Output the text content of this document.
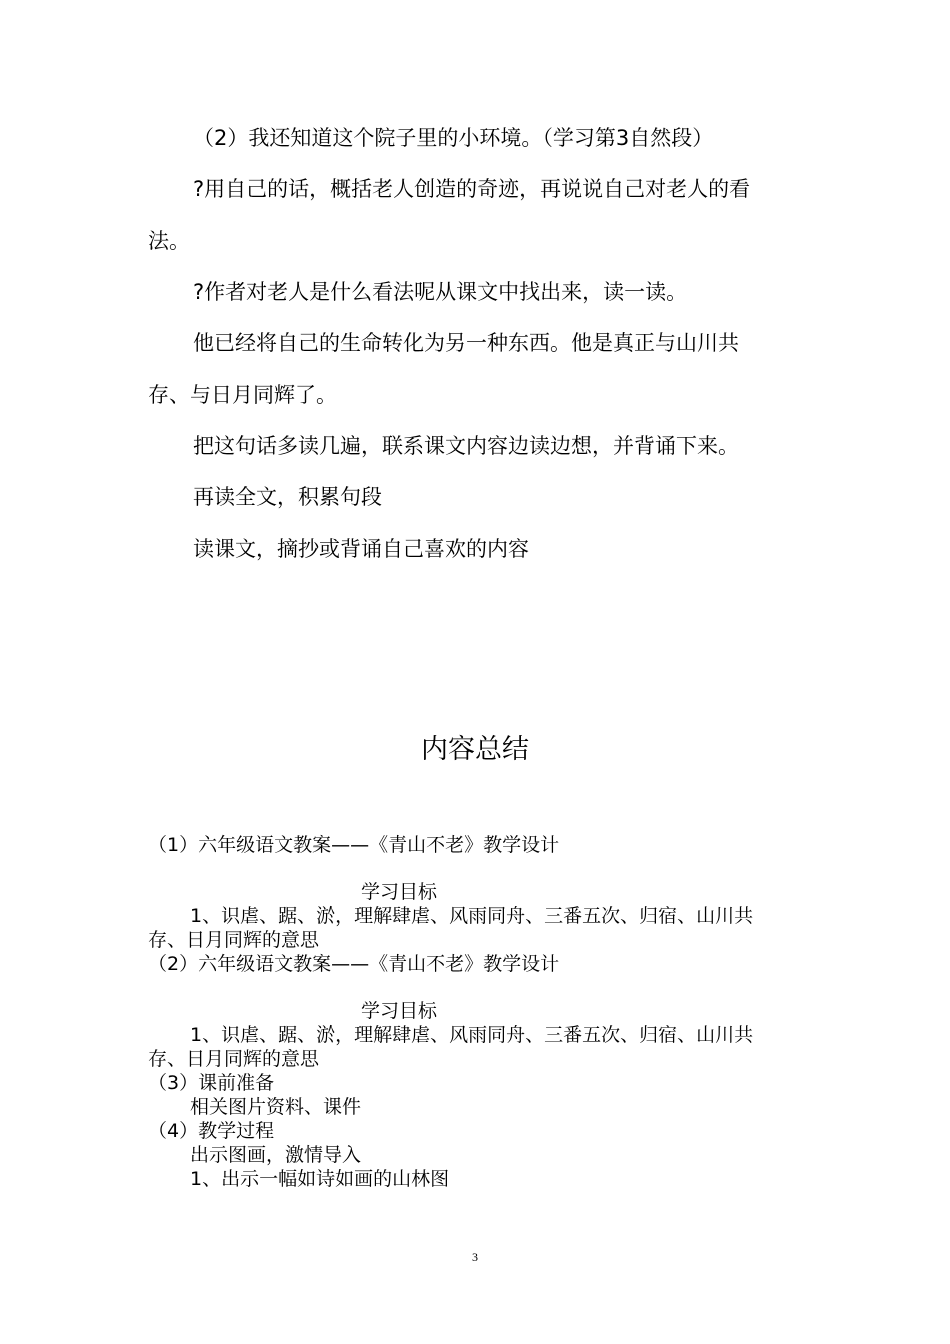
（2）我还知道这个院子里的小环境。（学习第3自然段）
?用自己的话，概括老人创造的奇迹，再说说自己对老人的看
法。
?作者对老人是什么看法呢从课文中找出来，读一读。
他已经将自己的生命转化为另一种东西。他是真正与山川共
存、与日月同辉了。
把这句话多读几遍，联系课文内容边读边想，并背诵下来。
再读全文，积累句段
读课文，摘抄或背诵自己喜欢的内容
内容总结
（1）六年级语文教案——《青山不老》教学设计
学习目标
1、识虐、踞、淤，理解肆虐、风雨同舟、三番五次、归宿、山川共
存、日月同辉的意思
（2）六年级语文教案——《青山不老》教学设计
学习目标
1、识虐、踞、淤，理解肆虐、风雨同舟、三番五次、归宿、山川共
存、日月同辉的意思
（3）课前准备
相关图片资料、课件
（4）教学过程
出示图画，激情导入
1、出示一幅如诗如画的山林图
3
